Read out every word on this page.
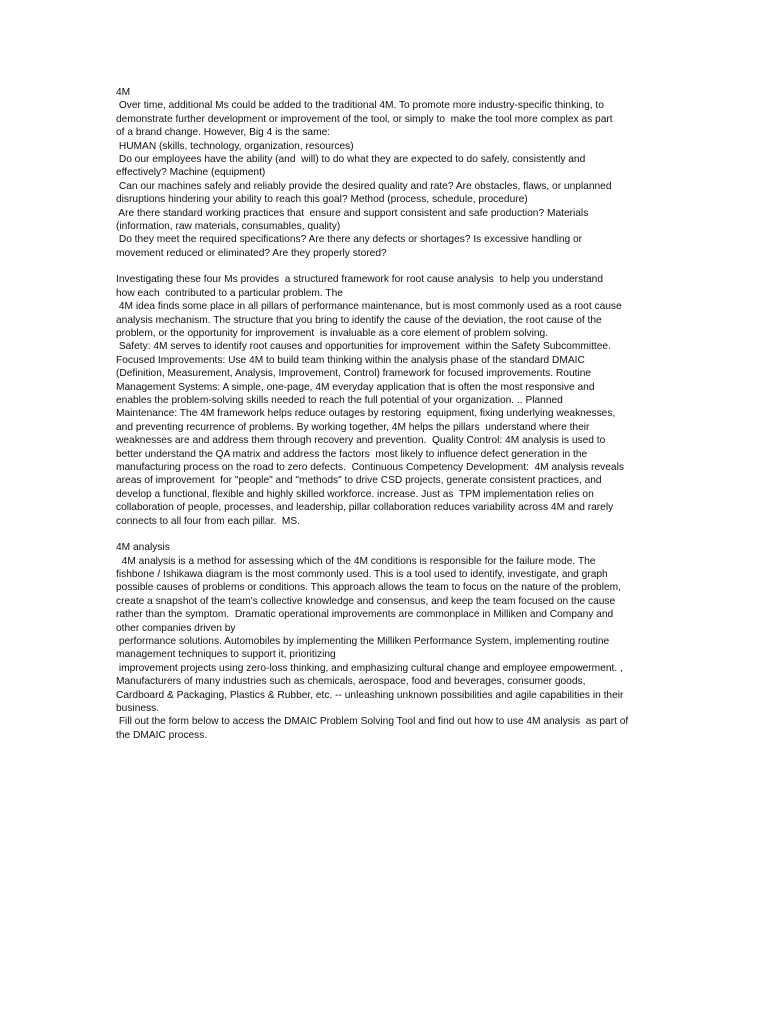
4M
Over time, additional Ms could be added to the traditional 4M. To promote more industry-specific thinking, to
demonstrate further development or improvement of the tool, or simply to  make the tool more complex as part
of a brand change. However, Big 4 is the same:
HUMAN (skills, technology, organization, resources)
Do our employees have the ability (and  will) to do what they are expected to do safely, consistently and
effectively? Machine (equipment)
Can our machines safely and reliably provide the desired quality and rate? Are obstacles, flaws, or unplanned
disruptions hindering your ability to reach this goal? Method (process, schedule, procedure)
Are there standard working practices that  ensure and support consistent and safe production? Materials
(information, raw materials, consumables, quality)
Do they meet the required specifications? Are there any defects or shortages? Is excessive handling or
movement reduced or eliminated? Are they properly stored?
Investigating these four Ms provides  a structured framework for root cause analysis  to help you understand
how each  contributed to a particular problem. The
4M idea finds some place in all pillars of performance maintenance, but is most commonly used as a root cause
analysis mechanism. The structure that you bring to identify the cause of the deviation, the root cause of the
problem, or the opportunity for improvement  is invaluable as a core element of problem solving.
Safety: 4M serves to identify root causes and opportunities for improvement  within the Safety Subcommittee.
Focused Improvements: Use 4M to build team thinking within the analysis phase of the standard DMAIC
(Definition, Measurement, Analysis, Improvement, Control) framework for focused improvements. Routine
Management Systems: A simple, one-page, 4M everyday application that is often the most responsive and
enables the problem-solving skills needed to reach the full potential of your organization. .. Planned
Maintenance: The 4M framework helps reduce outages by restoring  equipment, fixing underlying weaknesses,
and preventing recurrence of problems. By working together, 4M helps the pillars  understand where their
weaknesses are and address them through recovery and prevention.  Quality Control: 4M analysis is used to
better understand the QA matrix and address the factors  most likely to influence defect generation in the
manufacturing process on the road to zero defects.  Continuous Competency Development:  4M analysis reveals
areas of improvement  for "people" and "methods" to drive CSD projects, generate consistent practices, and
develop a functional, flexible and highly skilled workforce. increase. Just as  TPM implementation relies on
collaboration of people, processes, and leadership, pillar collaboration reduces variability across 4M and rarely
connects to all four from each pillar.  MS.
4M analysis
4M analysis is a method for assessing which of the 4M conditions is responsible for the failure mode. The
fishbone / Ishikawa diagram is the most commonly used. This is a tool used to identify, investigate, and graph
possible causes of problems or conditions. This approach allows the team to focus on the nature of the problem,
create a snapshot of the team's collective knowledge and consensus, and keep the team focused on the cause
rather than the symptom.  Dramatic operational improvements are commonplace in Milliken and Company and
other companies driven by
performance solutions. Automobiles by implementing the Milliken Performance System, implementing routine
management techniques to support it, prioritizing
improvement projects using zero-loss thinking, and emphasizing cultural change and employee empowerment. ,
Manufacturers of many industries such as chemicals, aerospace, food and beverages, consumer goods,
Cardboard & Packaging, Plastics & Rubber, etc. -- unleashing unknown possibilities and agile capabilities in their
business.
Fill out the form below to access the DMAIC Problem Solving Tool and find out how to use 4M analysis  as part of
the DMAIC process.
